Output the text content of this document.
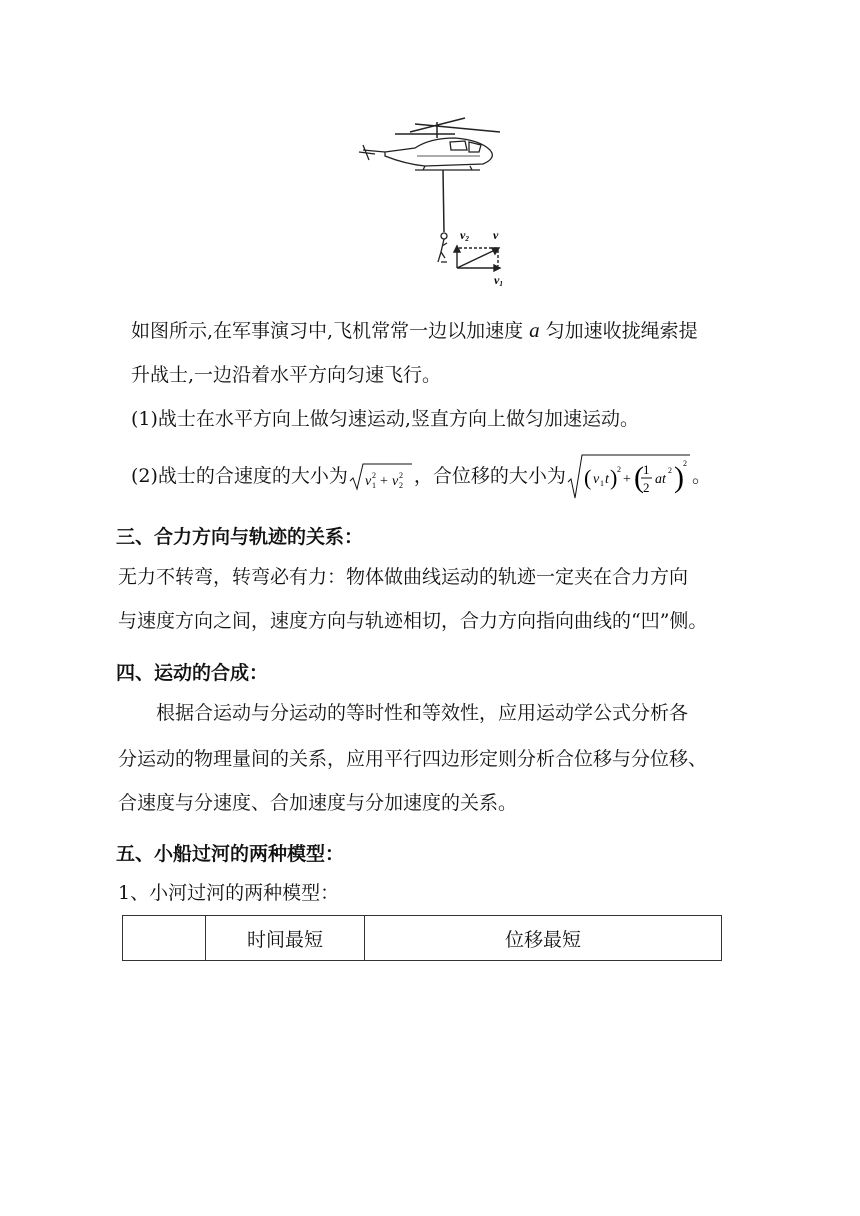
v2 v
v1
如图所示,在军事演习中,飞机常常一边以加速度 a 匀加速收拢绳索提
升战士,一边沿着水平方向匀速飞行。
(1)战士在水平方向上做匀速运动,竖直方向上做匀加速运动。
(2)战士的合速度的大小为 v 1
2 + v 2
2 ，合位移的大小为 ( v 1 t ) 2
+ ( 1
2
at
2 ) 2
。
三、合力方向与轨迹的关系：
无力不转弯，转弯必有力：物体做曲线运动的轨迹一定夹在合力方向
与速度方向之间，速度方向与轨迹相切，合力方向指向曲线的“凹”侧。
四、运动的合成：
根据合运动与分运动的等时性和等效性，应用运动学公式分析各
分运动的物理量间的关系，应用平行四边形定则分析合位移与分位移、
合速度与分速度、合加速度与分加速度的关系。
五、小船过河的两种模型：
1、小河过河的两种模型：
	时间最短	位移最短
